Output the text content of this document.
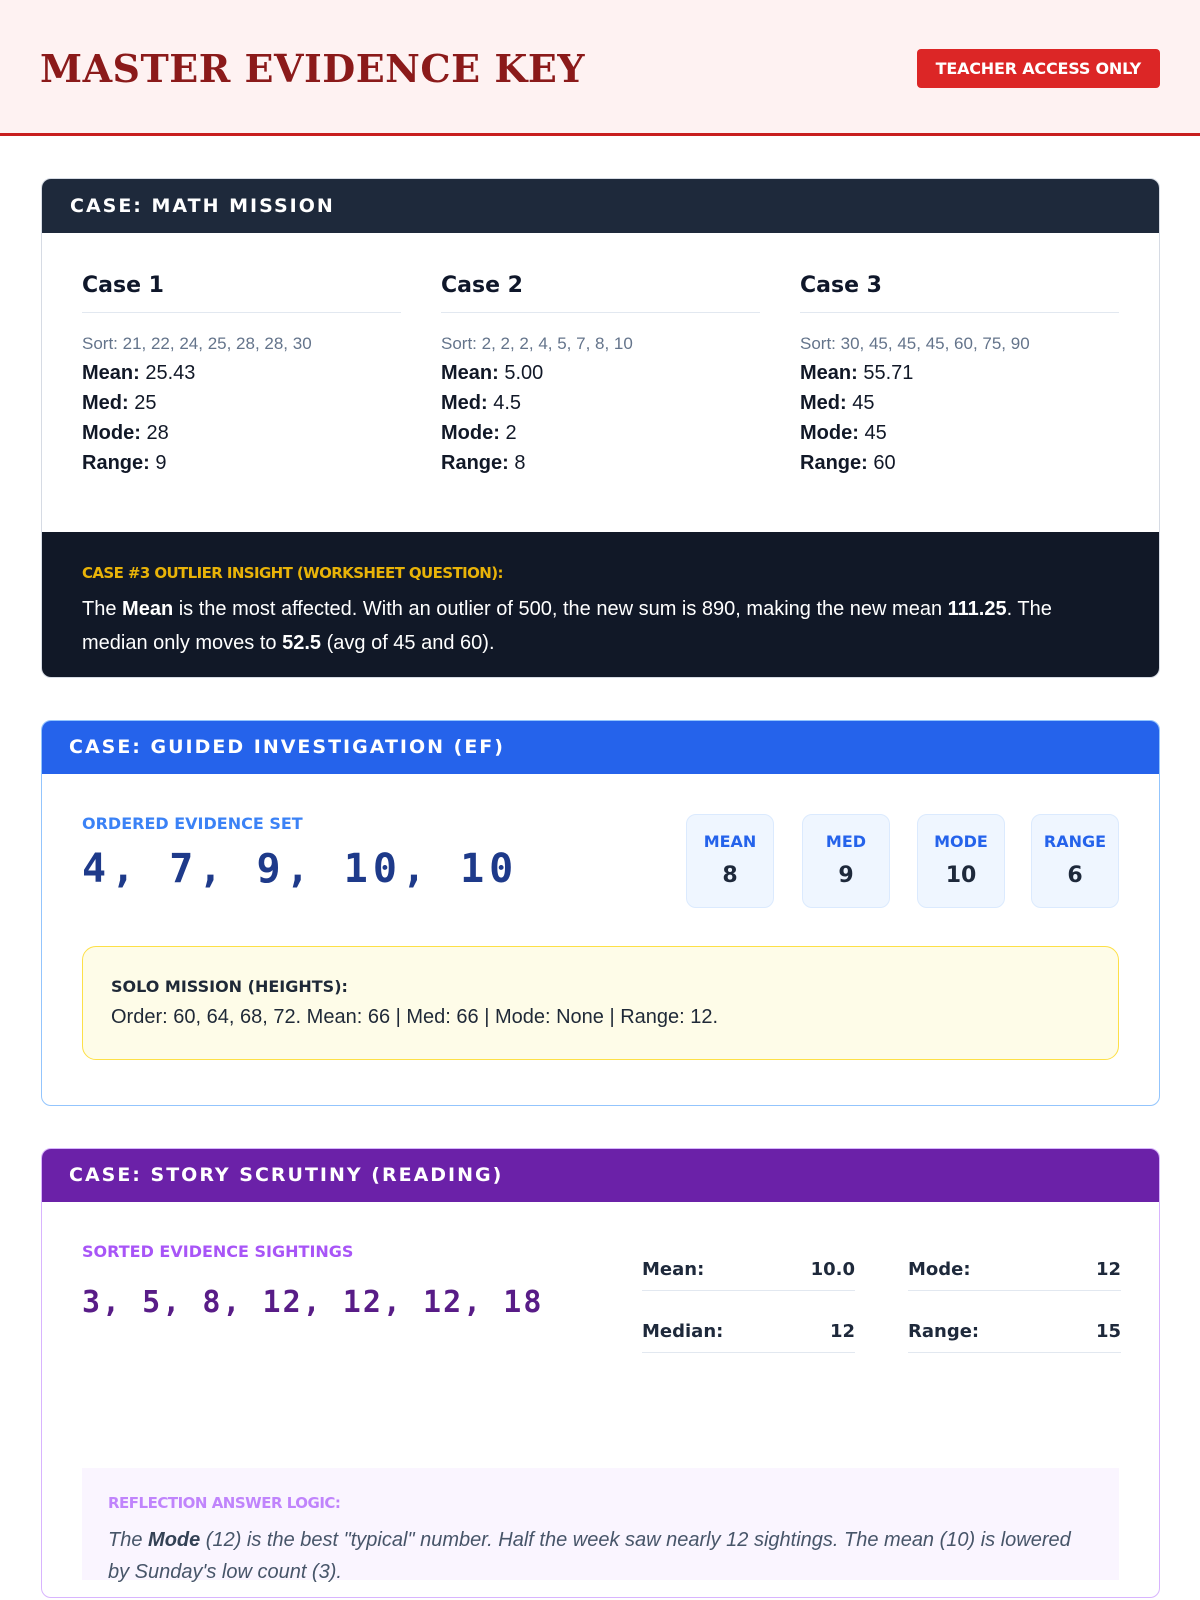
MASTER EVIDENCE KEY	TEACHER ACCESS ONLY
CASE: MATH MISSION
Case 1
Sort: 21, 22, 24, 25, 28, 28, 30
Mean: 25.43
Med: 25
Mode: 28
Range: 9
Case 2
Sort: 2, 2, 2, 4, 5, 7, 8, 10
Mean: 5.00
Med: 4.5
Mode: 2
Range: 8
Case 3
Sort: 30, 45, 45, 45, 60, 75, 90
Mean: 55.71
Med: 45
Mode: 45
Range: 60
CASE #3 OUTLIER INSIGHT (WORKSHEET QUESTION):

The Mean is the most affected. With an outlier of 500, the new sum is 890, making the new mean 111.25. The median only moves to 52.5 (avg of 45 and 60).

CASE: GUIDED INVESTIGATION (EF)
ORDERED EVIDENCE SET
4, 7, 9, 10, 10
MEAN
8
MED
9
MODE
10
RANGE
6
SOLO MISSION (HEIGHTS):
Order: 60, 64, 68, 72. Mean: 66 | Med: 66 | Mode: None | Range: 12.
CASE: STORY SCRUTINY (READING)
SORTED EVIDENCE SIGHTINGS
3, 5, 8, 12, 12, 12, 18
Mean:	10.0	Mode:	12
Median:	12	Range:	15
REFLECTION ANSWER LOGIC:

The Mode (12) is the best "typical" number. Half the week saw nearly 12 sightings. The mean (10) is lowered by Sunday's low count (3).
